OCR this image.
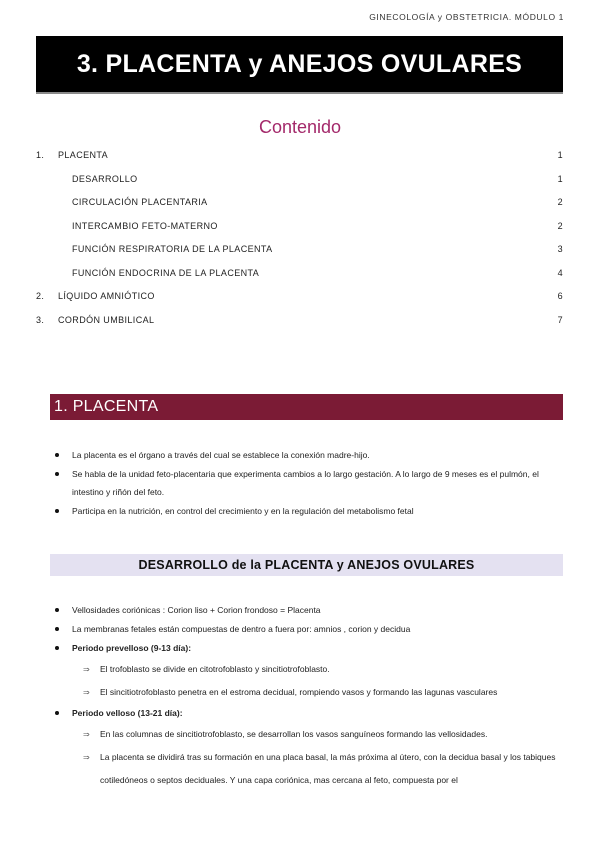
GINECOLOGÍA y OBSTETRICIA. MÓDULO 1
3. PLACENTA y ANEJOS OVULARES
Contenido
1. PLACENTA	1
DESARROLLO	1
CIRCULACIÓN PLACENTARIA	2
INTERCAMBIO FETO-MATERNO	2
FUNCIÓN RESPIRATORIA DE LA PLACENTA	3
FUNCIÓN ENDOCRINA DE LA PLACENTA	4
2. LÍQUIDO AMNIÓTICO	6
3. CORDÓN UMBILICAL	7
1. PLACENTA
La placenta es el órgano a través del cual se establece la conexión madre-hijo.
Se habla de la unidad feto-placentaria que experimenta cambios a lo largo gestación. A lo largo de 9 meses es el pulmón, el intestino y riñón del feto.
Participa en la nutrición, en control del crecimiento y en la regulación del metabolismo fetal
DESARROLLO de la PLACENTA y ANEJOS OVULARES
Vellosidades coriónicas : Corion liso + Corion frondoso = Placenta
La membranas fetales están compuestas de dentro a fuera por: amnios , corion y decidua
Periodo prevelloso (9-13 día):
⇒ El trofoblasto se divide en citotrofoblasto y sincitiotrofoblasto.
⇒ El sincitiotrofoblasto penetra en el estroma decidual, rompiendo vasos y formando las lagunas vasculares
Periodo velloso (13-21 día):
⇒ En las columnas de sincitiotrofoblasto, se desarrollan los vasos sanguíneos formando las vellosidades.
⇒ La placenta se dividirá tras su formación en una placa basal, la más próxima al útero, con la decidua basal y los tabiques cotiledóneos o septos deciduales. Y una capa coriónica, mas cercana al feto, compuesta por el
